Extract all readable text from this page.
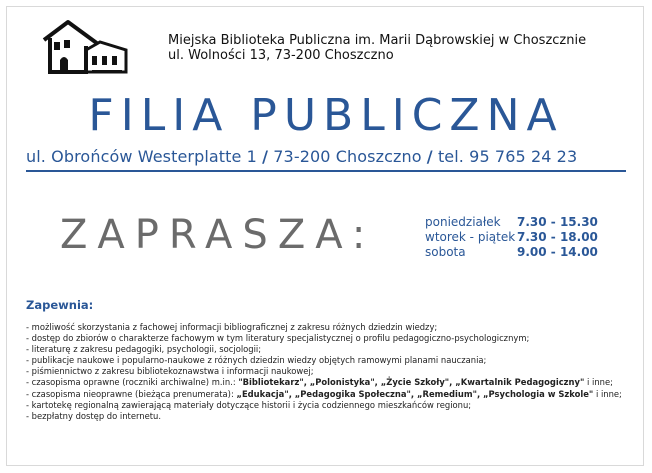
Miejska Biblioteka Publiczna im. Marii Dąbrowskiej w Choszcznie
ul. Wolności 13, 73-200 Choszczno
FILIA PUBLICZNA
ul. Obrońców Westerplatte 1 / 73-200 Choszczno / tel. 95 765 24 23
ZAPRASZA:	poniedziałek	7.30 - 15.30
wtorek - piątek 7.30 - 18.00
sobota	9.00 - 14.00
Zapewnia:
- możliwość skorzystania z fachowej informacji bibliograficznej z zakresu różnych dziedzin wiedzy;
- dostęp do zbiorów o charakterze fachowym w tym literatury specjalistycznej o profilu pedagogiczno-psychologicznym;
- literaturę z zakresu pedagogiki, psychologii, socjologii;
- publikacje naukowe i popularno-naukowe z różnych dziedzin wiedzy objętych ramowymi planami nauczania;
- piśmiennictwo z zakresu bibliotekoznawstwa i informacji naukowej;
- czasopisma oprawne (roczniki archiwalne) m.in.: "Bibliotekarz", „Polonistyka", „Życie Szkoły", „Kwartalnik Pedagogiczny" i inne;
- czasopisma nieoprawne (bieżąca prenumerata): „Edukacja", „Pedagogika Społeczna", „Remedium", „Psychologia w Szkole" i inne;
- kartotekę regionalną zawierającą materiały dotyczące historii i życia codziennego mieszkańców regionu;
- bezpłatny dostęp do internetu.
